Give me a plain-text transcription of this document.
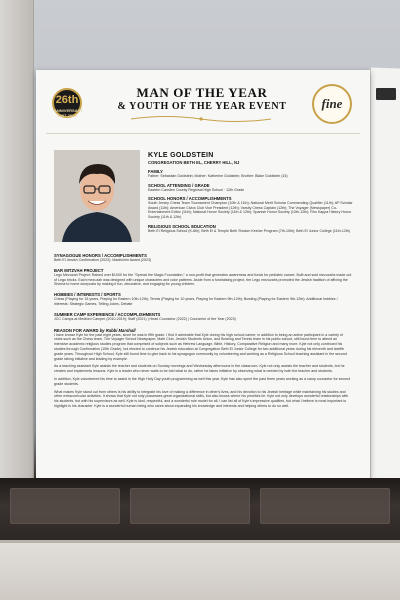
26th
ANNIVERSARY
1997-2023
MAN OF THE YEAR
& YOUTH OF THE YEAR EVENT	fine
KYLE GOLDSTEIN
CONGREGATION BETH EL, CHERRY HILL, NJ
FAMILY
Father: Sebastian Goldstein; Mother: Katherine Goldstein; Brother: Blake Goldstein (15)
SCHOOL ATTENDING / GRADE
Eastern Camden County Regional High School · 12th Grade
SCHOOL HONORS / ACCOMPLISHMENTS
South Jersey Chess Team Tournament Champion (10th & 11th); National Merit Scholar Commending Qualifier (11th); AP Scholar Award (11th); American Civics Club Vice President (12th); Varsity Chess Captain (12th); The Voyager (Newspaper) Co-Entertainment Editor (11th); National Honor Society (11th & 12th); Spanish Honor Society (10th-12th); Rho Kappa History Honor Society (11th & 12th)
RELIGIOUS SCHOOL EDUCATION
Beth El Religious School (K-6th); Beth El & Temple Beth Sholom Kesher Program (7th-10th); Beth El Junior College (11th-12th)
SYNAGOGUE HONORS / ACCOMPLISHMENTS
Beth El Jewish Confirmation (2022); Madrichim Award (2023)
BAR MITZVAH PROJECT
Lego Mezuzah Project: Raised over $1000 for the "Spread the Magic Foundation," a non-profit that generates awareness and funds for pediatric cancer. Built and sold mezuzahs made out of Lego bricks. Each mezuzah was designed with unique characters and color patterns. Aside from a fundraising project, the Lego mezuzahs promoted the Jewish tradition of affixing the Shema to home doorposts by making it fun, decorative, and engaging for young children.
HOBBIES / INTERESTS / SPORTS
Chess (Playing for 15 years, Playing for Eastern 10th-12th); Tennis (Playing for 10 years, Playing for Eastern 9th-12th); Bowling (Playing for Eastern 9th-12th); Additional hobbies / interests: Strategic Games, Telling Jokes, Debate
SUMMER CAMP EXPERIENCE / ACCOMPLISHMENTS
JCC Camps at Medford Camper (2010-2019); Staff (2021) | Head Counselor (2022) | Counselor of the Year (2023)
REASON FOR AWARD by Rabbi Marshall
I have known Kyle for the past eight years, since he was in fifth grade. I find it admirable that Kyle during his high school career, in addition to being an active participant in a variety of clubs such as the Chess team, The Voyager School Newspaper, Math Club, Jewish Students Union, and Bowling and Tennis team in his public school, still found time to attend an intensive academic religious studies program that comprised of subjects such as Hebrew Language, Bible, History, Comparative Religion and many more. Kyle not only continued his studies through Confirmation (10th Grade), but elected to continue his Jewish education at Congregation Beth El Junior College for two additional years during his eleventh and twelfth grade years. Throughout High School, Kyle still found time to give back to his synagogue community by volunteering and working as a Religious School teaching assistant in the second grade taking initiative and leading by example.
As a teaching assistant Kyle assists the teacher and students on Sunday mornings and Wednesday afternoons in the classroom. Kyle not only assists the teacher and students, but he creates and implements lessons. Kyle is a leader who never waits to be told what to do, rather he takes initiative by observing what is needed by both the teacher and students.
In addition, Kyle volunteered his time to assist in the High Holy Day youth programming as well this year. Kyle has also spent the past three years working as a camp counselor for second grade students.
What makes Kyle stand out from others is his ability to integrate his love of making a difference in other's lives, and his devotion to his Jewish heritage while maintaining his studies and other extracurricular activities. It shows that Kyle not only possesses great organizational skills, but also knows where his priorities lie. Kyle not only develops wonderful relationships with his students, but with his supervisors as well. Kyle is kind, respectful, and a wonderful role model for all. I can list all of Kyle's impressive qualities, but what I believe is most important to highlight is his character. Kyle is a wonderful human being who cares about expanding his knowledge and interests and helping others to do so well.
